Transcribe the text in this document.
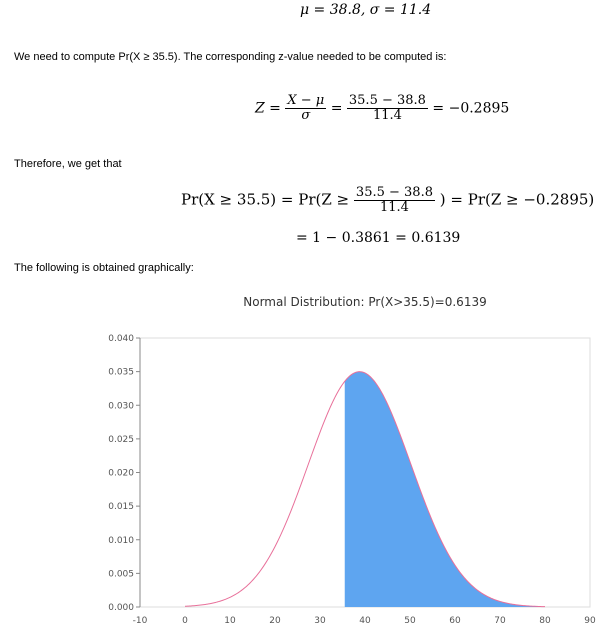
μ = 38.8, σ = 11.4
We need to compute Pr(X ≥ 35.5). The corresponding z-value needed to be computed is:
$Z = \frac{X - \mu}{\sigma} = \frac{35.5 - 38.8}{11.4} = -0.2895$
Therefore, we get that
$Pr(X \ge 35.5) = Pr(Z \ge \frac{35.5 - 38.8}{11.4}$ ) = Pr(Z ≥ −0.2895)
= 1 − 0.3861 = 0.6139
The following is obtained graphically:
Normal Distribution: Pr(X>35.5)=0.6139
0.000
0.005
0.010
0.015
0.020
0.025
0.030
0.035
0.040
-10	0	10	20	30	40	50	60	70	80	90
